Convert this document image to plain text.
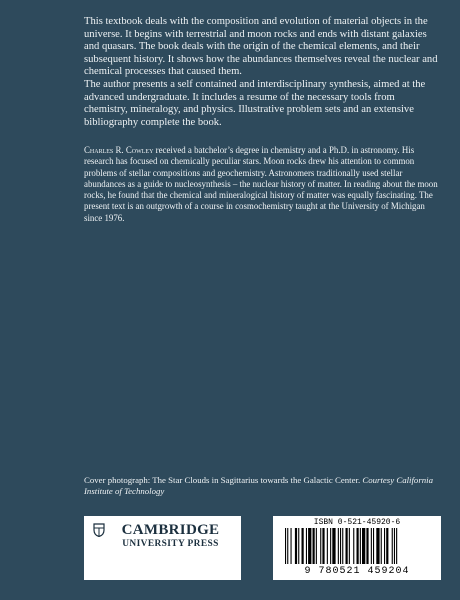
This textbook deals with the composition and evolution of material objects in the universe. It begins with terrestrial and moon rocks and ends with distant galaxies and quasars. The book deals with the origin of the chemical elements, and their subsequent history. It shows how the abundances themselves reveal the nuclear and chemical processes that caused them.

The author presents a self contained and interdisciplinary synthesis, aimed at the advanced undergraduate. It includes a resume of the necessary tools from chemistry, mineralogy, and physics. Illustrative problem sets and an extensive bibliography complete the book.

Charles R. Cowley received a batchelor’s degree in chemistry and a Ph.D. in astronomy. His research has focused on chemically peculiar stars. Moon rocks drew his attention to common problems of stellar compositions and geochemistry. Astronomers traditionally used stellar abundances as a guide to nucleosynthesis – the nuclear history of matter. In reading about the moon rocks, he found that the chemical and mineralogical history of matter was equally fascinating. The present text is an outgrowth of a course in cosmochemistry taught at the University of Michigan since 1976.

Cover photograph: The Star Clouds in Sagittarius towards the Galactic Center. Courtesy California Institute of Technology
CAMBRIDGE
UNIVERSITY PRESS
ISBN 0-521-45920-6
9 780521 459204
